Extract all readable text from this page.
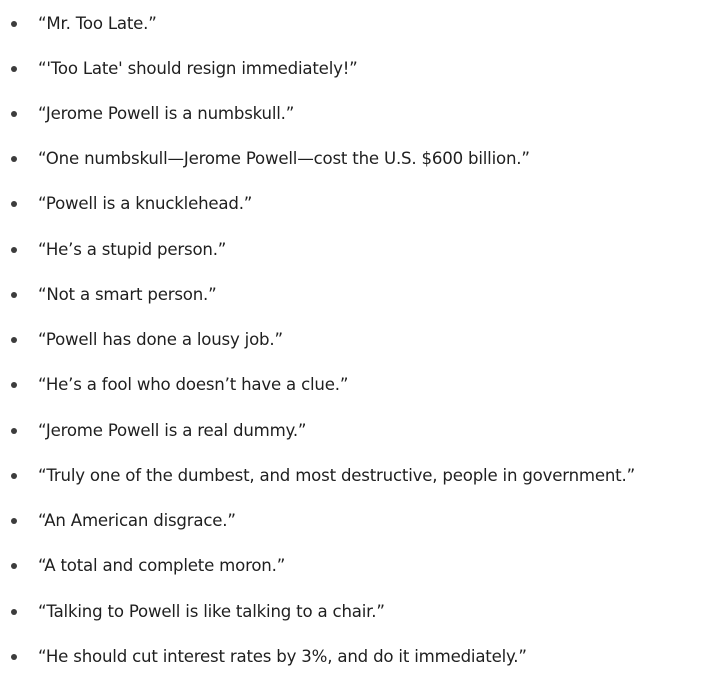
“Mr. Too Late.”
“'Too Late' should resign immediately!”
“Jerome Powell is a numbskull.”
“One numbskull—Jerome Powell—cost the U.S. $600 billion.”
“Powell is a knucklehead.”
“He’s a stupid person.”
“Not a smart person.”
“Powell has done a lousy job.”
“He’s a fool who doesn’t have a clue.”
“Jerome Powell is a real dummy.”
“Truly one of the dumbest, and most destructive, people in government.”
“An American disgrace.”
“A total and complete moron.”
“Talking to Powell is like talking to a chair.”
“He should cut interest rates by 3%, and do it immediately.”
